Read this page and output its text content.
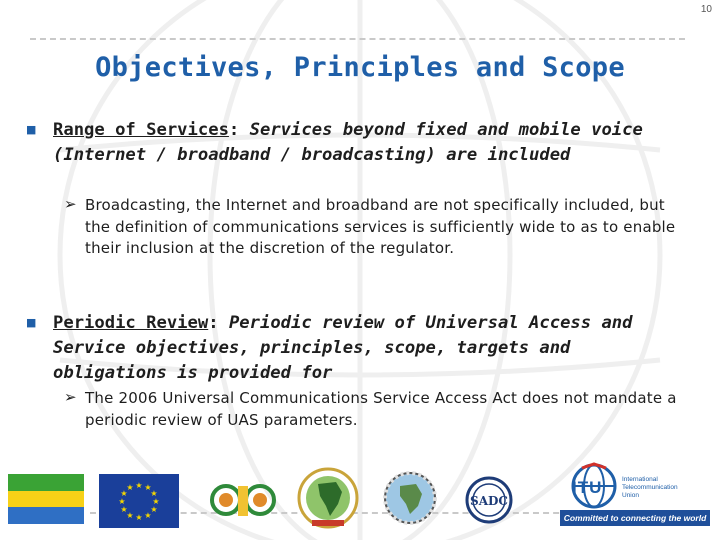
10
Objectives, Principles and Scope
■ Range of Services: Services beyond fixed and mobile voice (Internet / broadband / broadcasting) are included
➢ Broadcasting, the Internet and broadband are not specifically included, but the definition of communications services is sufficiently wide to as to enable their inclusion at the discretion of the regulator.
■ Periodic Review: Periodic review of Universal Access and Service objectives, principles, scope, targets and obligations is provided for
➢ The 2006 Universal Communications Service Access Act does not mandate a periodic review of UAS parameters.
★ ★
★
★
★
★
★
★
★
★
★
★
SADC
ITU	International
Telecommunication
Union
Committed to connecting the world
